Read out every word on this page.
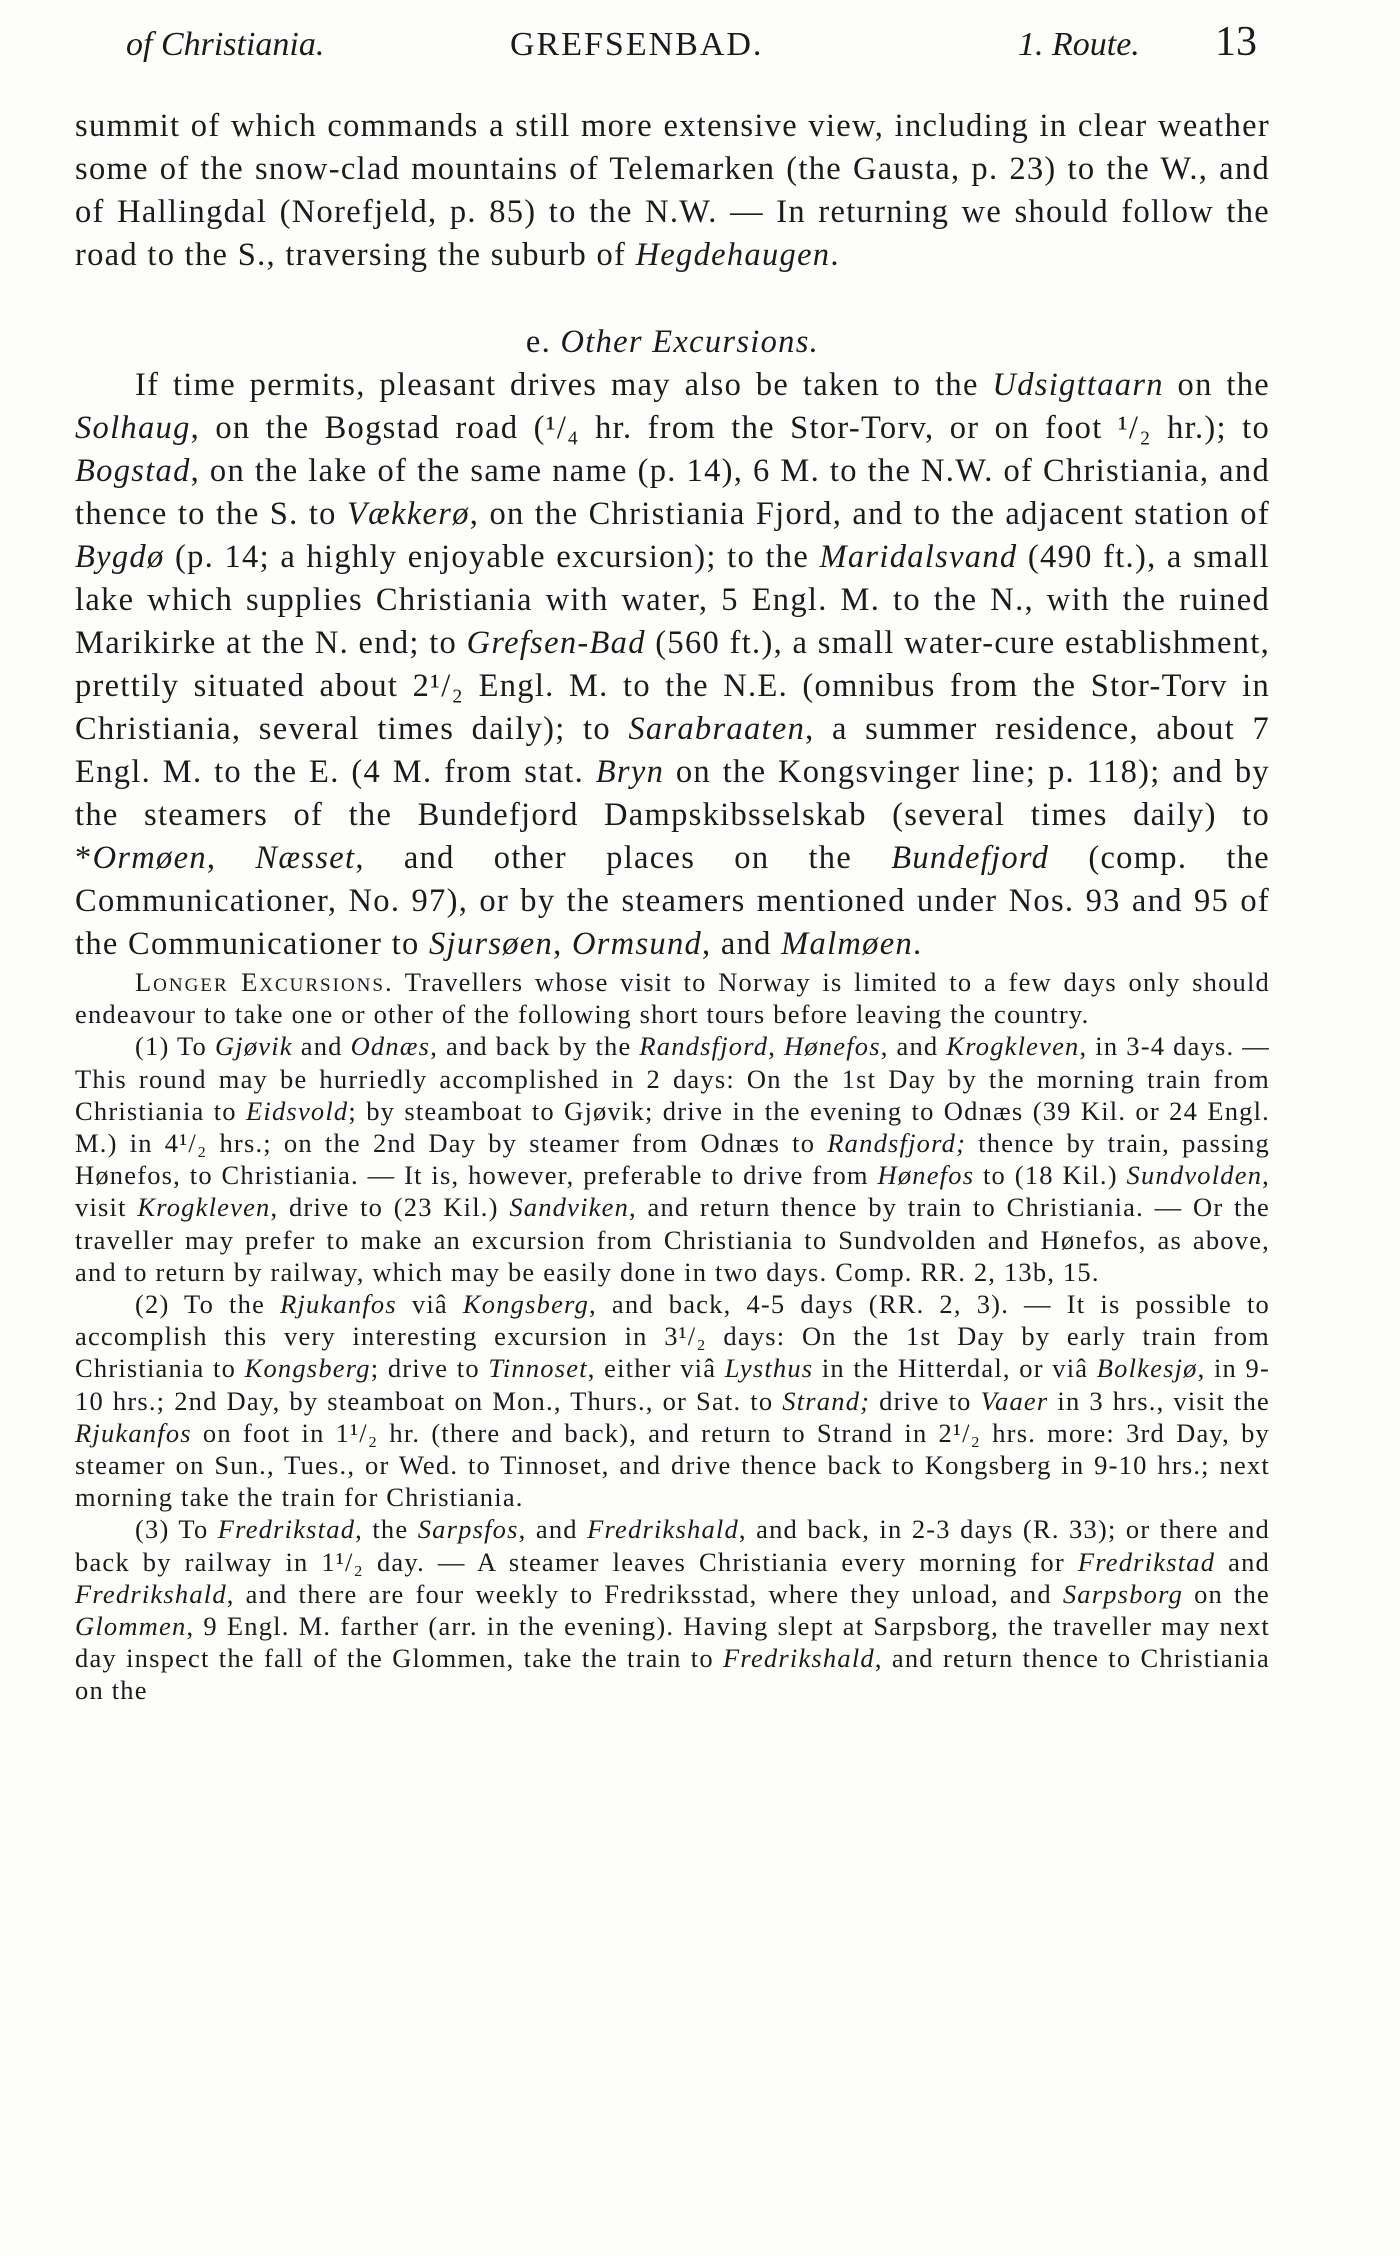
of Christiania.	GREFSENBAD.	1. Route. 13

summit of which commands a still more extensive view, including in clear weather some of the snow-clad mountains of Telemarken (the Gausta, p. 23) to the W., and of Hallingdal (Norefjeld, p. 85) to the N.W. — In returning we should follow the road to the S., traversing the suburb of Hegdehaugen.

e. Other Excursions.

If time permits, pleasant drives may also be taken to the Udsigttaarn on the Solhaug, on the Bogstad road (¹/₄ hr. from the Stor-Torv, or on foot ¹/₂ hr.); to Bogstad, on the lake of the same name (p. 14), 6 M. to the N.W. of Christiania, and thence to the S. to Vækkerø, on the Christiania Fjord, and to the adjacent station of Bygdø (p. 14; a highly enjoyable excursion); to the Maridalsvand (490 ft.), a small lake which supplies Christiania with water, 5 Engl. M. to the N., with the ruined Marikirke at the N. end; to Grefsen-Bad (560 ft.), a small water-cure establishment, prettily situated about 2¹/₂ Engl. M. to the N.E. (omnibus from the Stor-Torv in Christiania, several times daily); to Sarabraaten, a summer residence, about 7 Engl. M. to the E. (4 M. from stat. Bryn on the Kongsvinger line; p. 118); and by the steamers of the Bundefjord Dampskibsselskab (several times daily) to *Ormøen, Næsset, and other places on the Bundefjord (comp. the Communicationer, No. 97), or by the steamers mentioned under Nos. 93 and 95 of the Communicationer to Sjursøen, Ormsund, and Malmøen.

Longer Excursions. Travellers whose visit to Norway is limited to a few days only should endeavour to take one or other of the following short tours before leaving the country.

(1) To Gjøvik and Odnæs, and back by the Randsfjord, Hønefos, and Krogkleven, in 3-4 days. — This round may be hurriedly accomplished in 2 days: On the 1st Day by the morning train from Christiania to Eidsvold; by steamboat to Gjøvik; drive in the evening to Odnæs (39 Kil. or 24 Engl. M.) in 4¹/₂ hrs.; on the 2nd Day by steamer from Odnæs to Randsfjord; thence by train, passing Hønefos, to Christiania. — It is, however, preferable to drive from Hønefos to (18 Kil.) Sundvolden, visit Krogkleven, drive to (23 Kil.) Sandviken, and return thence by train to Christiania. — Or the traveller may prefer to make an excursion from Christiania to Sundvolden and Hønefos, as above, and to return by railway, which may be easily done in two days. Comp. RR. 2, 13b, 15.

(2) To the Rjukanfos viâ Kongsberg, and back, 4-5 days (RR. 2, 3). — It is possible to accomplish this very interesting excursion in 3¹/₂ days: On the 1st Day by early train from Christiania to Kongsberg; drive to Tinnoset, either viâ Lysthus in the Hitterdal, or viâ Bolkesjø, in 9-10 hrs.; 2nd Day, by steamboat on Mon., Thurs., or Sat. to Strand; drive to Vaaer in 3 hrs., visit the Rjukanfos on foot in 1¹/₂ hr. (there and back), and return to Strand in 2¹/₂ hrs. more: 3rd Day, by steamer on Sun., Tues., or Wed. to Tinnoset, and drive thence back to Kongsberg in 9-10 hrs.; next morning take the train for Christiania.

(3) To Fredrikstad, the Sarpsfos, and Fredrikshald, and back, in 2-3 days (R. 33); or there and back by railway in 1¹/₂ day. — A steamer leaves Christiania every morning for Fredrikstad and Fredrikshald, and there are four weekly to Fredriksstad, where they unload, and Sarpsborg on the Glommen, 9 Engl. M. farther (arr. in the evening). Having slept at Sarpsborg, the traveller may next day inspect the fall of the Glommen, take the train to Fredrikshald, and return thence to Christiania on the
